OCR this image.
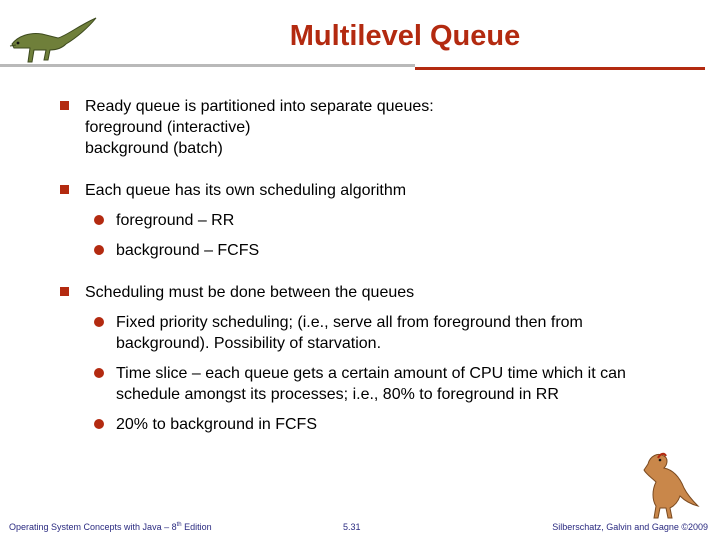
Multilevel Queue
Ready queue is partitioned into separate queues:
foreground (interactive)
background (batch)
Each queue has its own scheduling algorithm
foreground – RR
background – FCFS
Scheduling must be done between the queues
Fixed priority scheduling; (i.e., serve all from foreground then from background). Possibility of starvation.
Time slice – each queue gets a certain amount of CPU time which it can schedule amongst its processes; i.e., 80% to foreground in RR
20% to background in FCFS
Operating System Concepts with Java – 8th Edition	5.31	Silberschatz, Galvin and Gagne ©2009
